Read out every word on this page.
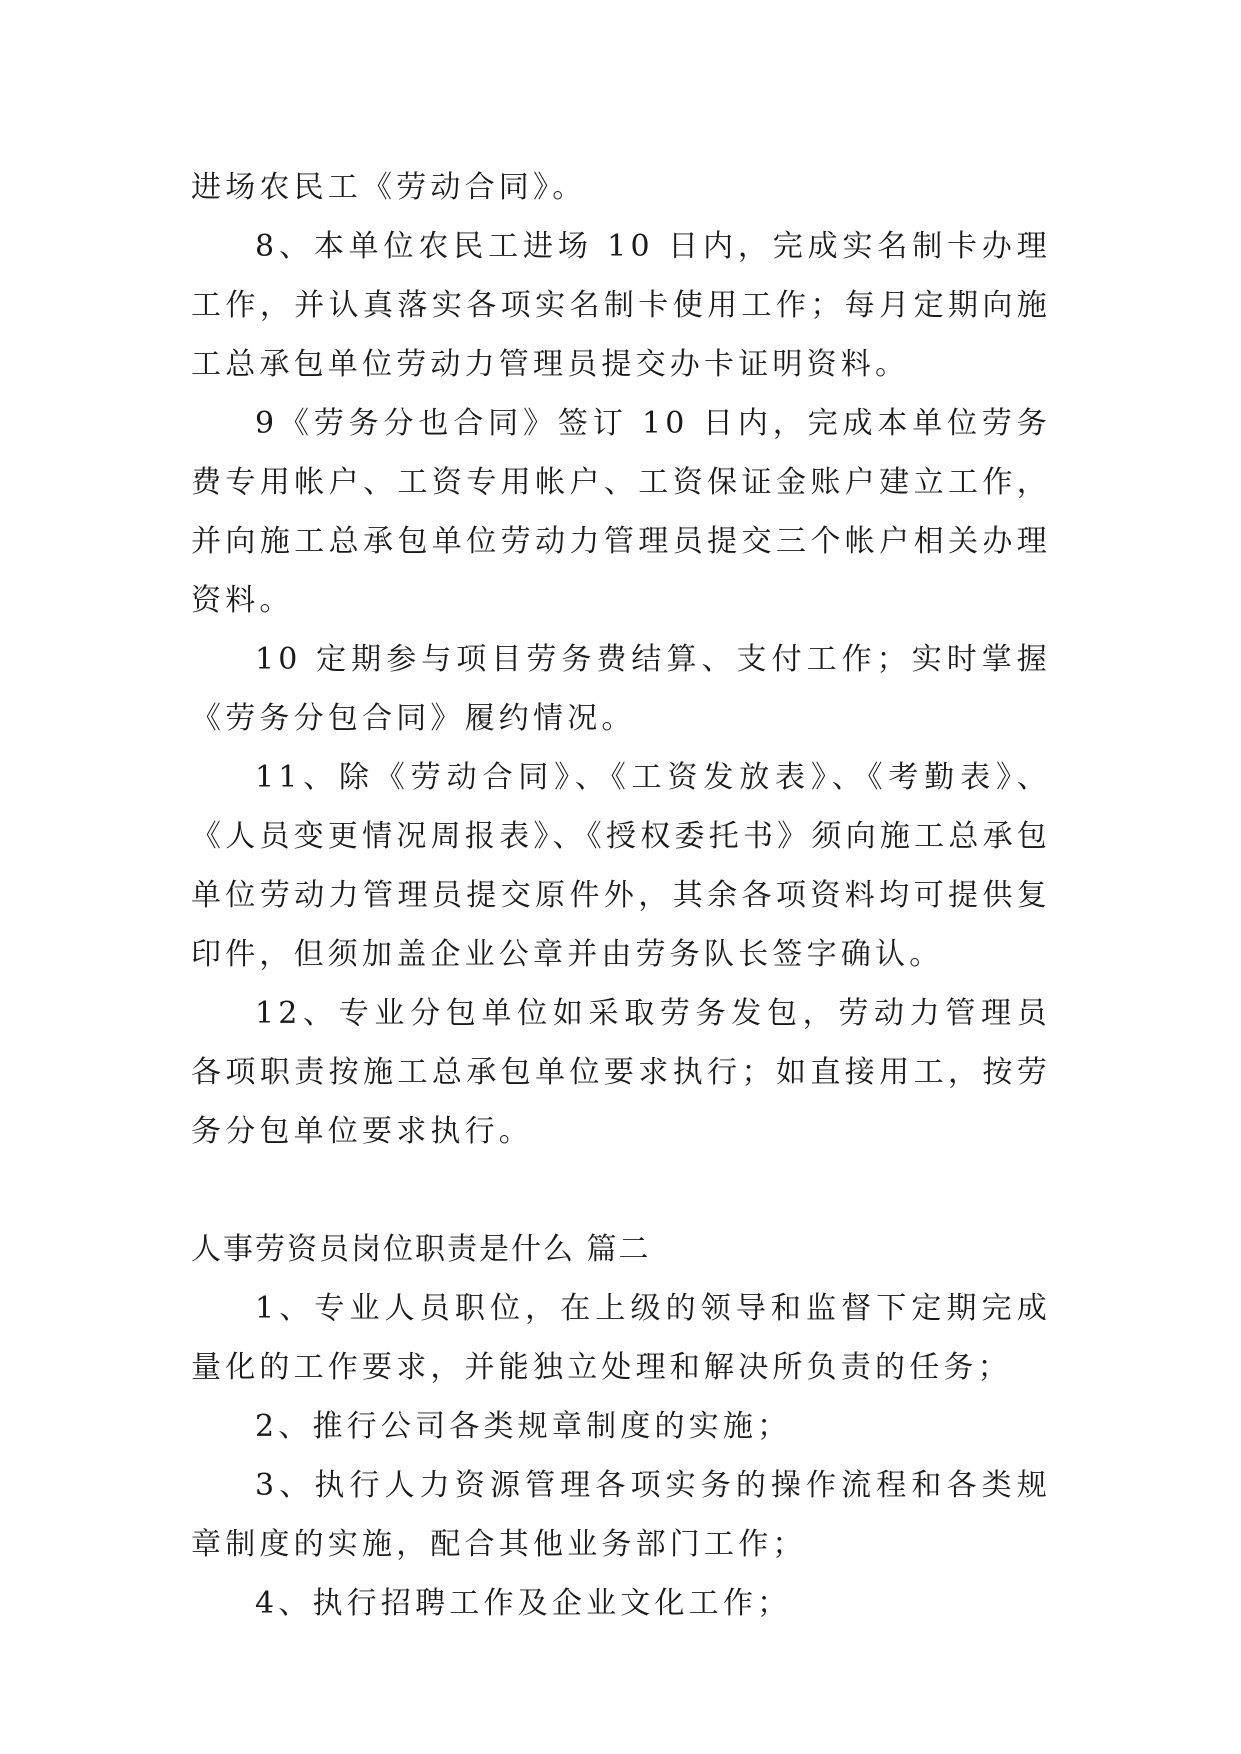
进场农民工《劳动合同》。

8、本单位农民工进场 10 日内，完成实名制卡办理工作，并认真落实各项实名制卡使用工作；每月定期向施工总承包单位劳动力管理员提交办卡证明资料。

9《劳务分也合同》签订 10 日内，完成本单位劳务费专用帐户、工资专用帐户、工资保证金账户建立工作，并向施工总承包单位劳动力管理员提交三个帐户相关办理资料。

10 定期参与项目劳务费结算、支付工作；实时掌握《劳务分包合同》履约情况。

11、除《劳动合同》、《工资发放表》、《考勤表》、《人员变更情况周报表》、《授权委托书》须向施工总承包单位劳动力管理员提交原件外，其余各项资料均可提供复印件，但须加盖企业公章并由劳务队长签字确认。

12、专业分包单位如采取劳务发包，劳动力管理员各项职责按施工总承包单位要求执行；如直接用工，按劳务分包单位要求执行。

人事劳资员岗位职责是什么 篇二

1、专业人员职位，在上级的领导和监督下定期完成量化的工作要求，并能独立处理和解决所负责的任务；

2、推行公司各类规章制度的实施；

3、执行人力资源管理各项实务的操作流程和各类规章制度的实施，配合其他业务部门工作；

4、执行招聘工作及企业文化工作；
